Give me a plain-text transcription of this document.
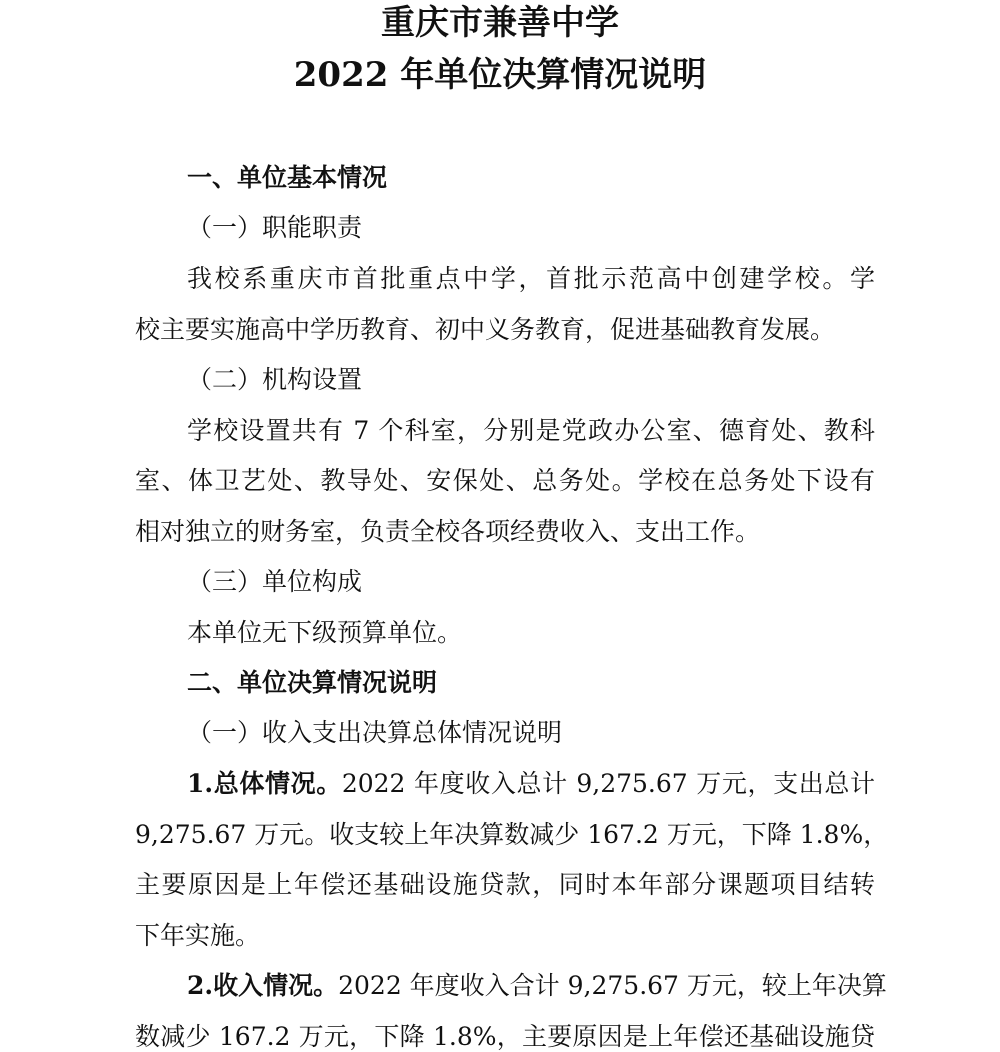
重庆市兼善中学
2022 年单位决算情况说明
一、单位基本情况
（一）职能职责
我校系重庆市首批重点中学，首批示范高中创建学校。学
校主要实施高中学历教育、初中义务教育，促进基础教育发展。
（二）机构设置
学校设置共有 7 个科室，分别是党政办公室、德育处、教科
室、体卫艺处、教导处、安保处、总务处。学校在总务处下设有
相对独立的财务室，负责全校各项经费收入、支出工作。
（三）单位构成
本单位无下级预算单位。
二、单位决算情况说明
（一）收入支出决算总体情况说明
1.总体情况。2022 年度收入总计 9,275.67 万元，支出总计
9,275.67 万元。收支较上年决算数减少 167.2 万元，下降 1.8%，
主要原因是上年偿还基础设施贷款，同时本年部分课题项目结转
下年实施。
2.收入情况。2022 年度收入合计 9,275.67 万元，较上年决算
数减少 167.2 万元，下降 1.8%，主要原因是上年偿还基础设施贷
